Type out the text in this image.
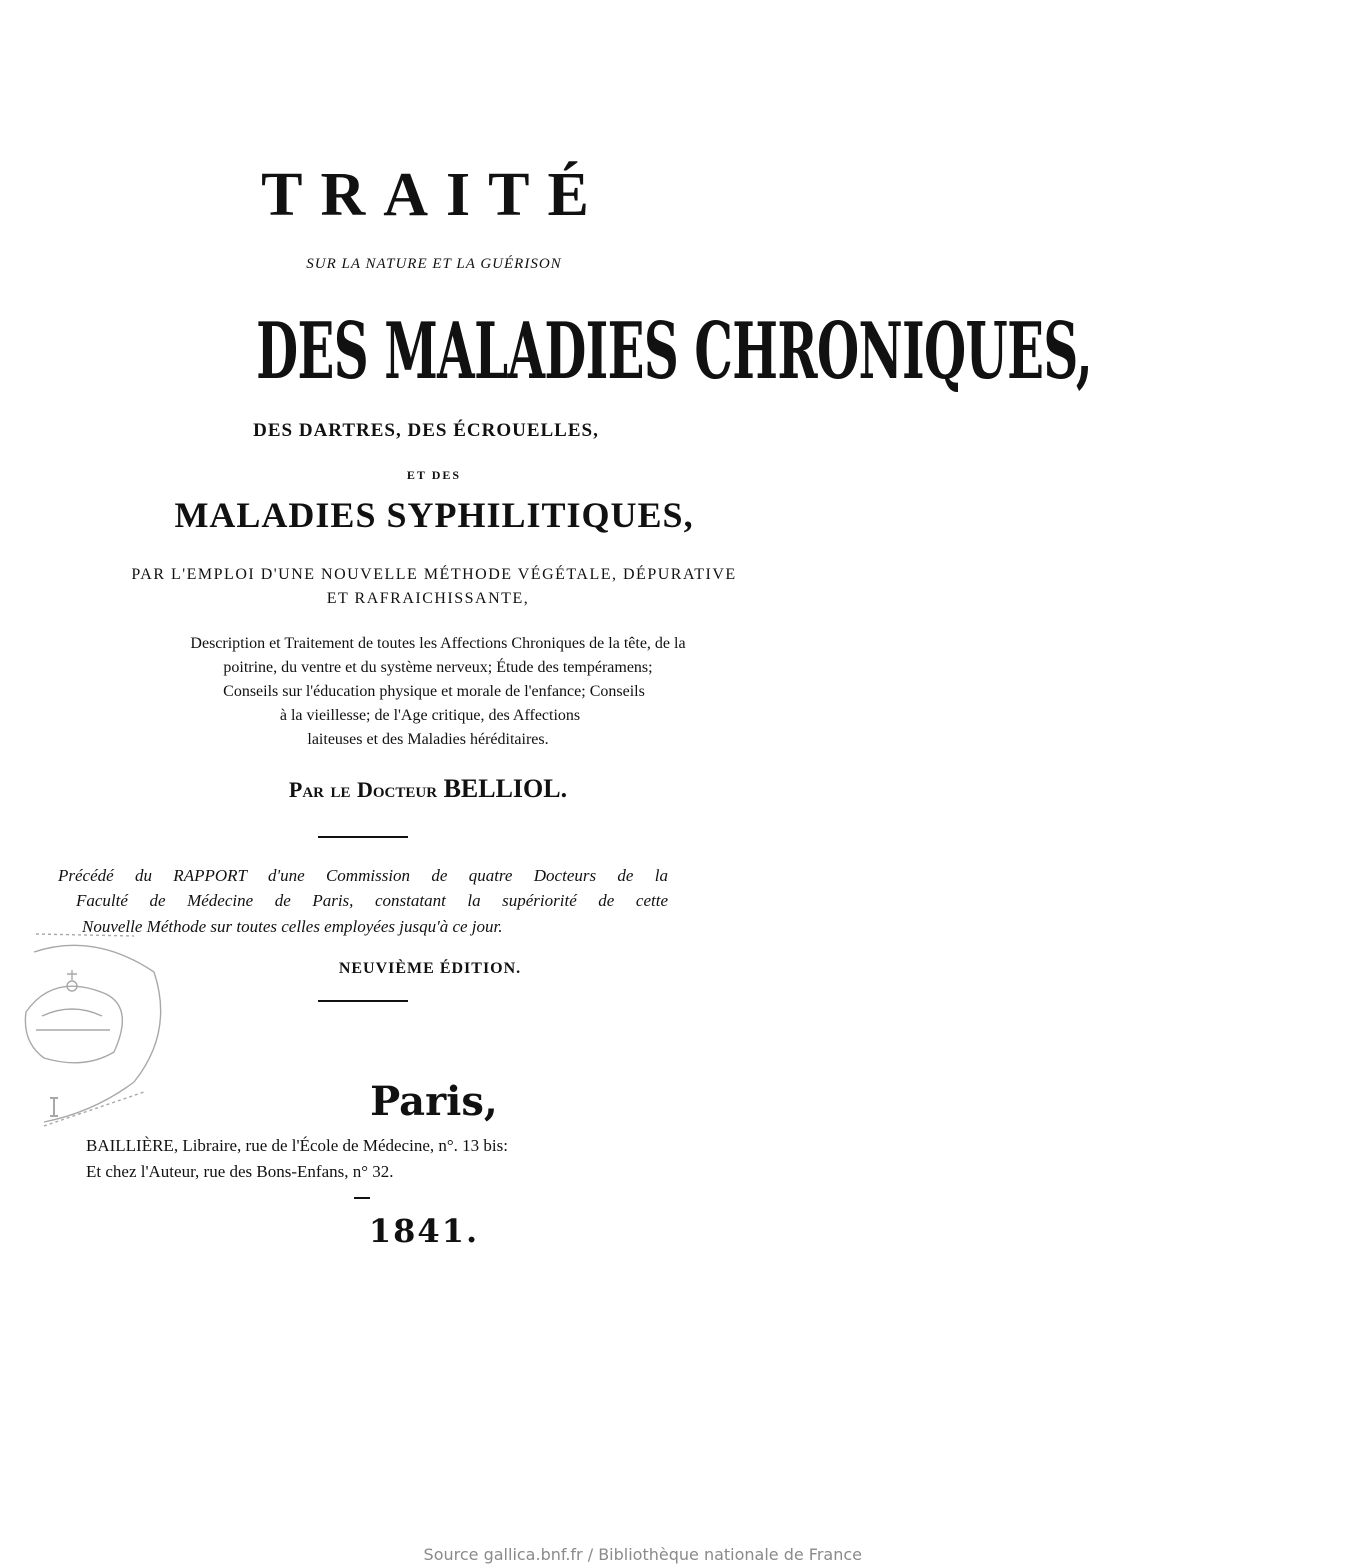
TRAITÉ
SUR LA NATURE ET LA GUÉRISON
DES MALADIES CHRONIQUES,
DES DARTRES, DES ÉCROUELLES,
ET DES
MALADIES SYPHILITIQUES,
PAR L'EMPLOI D'UNE NOUVELLE MÉTHODE VÉGÉTALE, DÉPURATIVE
ET RAFRAICHISSANTE,
Description et Traitement de toutes les Affections Chroniques de la tête, de la
poitrine, du ventre et du système nerveux; Étude des tempéramens;
Conseils sur l'éducation physique et morale de l'enfance; Conseils
à la vieillesse; de l'Age critique, des Affections
laiteuses et des Maladies héréditaires.
Par le Docteur BELLIOL.
Précédé du RAPPORT d'une Commission de quatre Docteurs de la
Faculté de Médecine de Paris, constatant la supériorité de cette
Nouvelle Méthode sur toutes celles employées jusqu'à ce jour.
NEUVIÈME ÉDITION.
Paris,
BAILLIÈRE, Libraire, rue de l'École de Médecine, n°. 13 bis:
Et chez l'Auteur, rue des Bons-Enfans, n° 32.
1841.
Source gallica.bnf.fr / Bibliothèque nationale de France
